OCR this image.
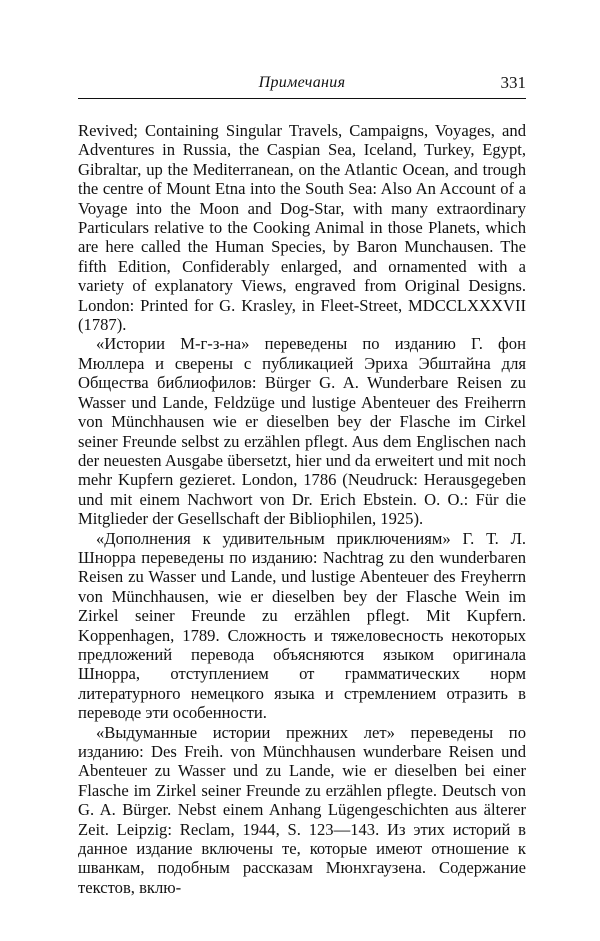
Примечания	331

Revived; Containing Singular Travels, Campaigns, Voyages, and Adventures in Russia, the Caspian Sea, Iceland, Turkey, Egypt, Gibraltar, up the Mediterranean, on the Atlantic Ocean, and trough the centre of Mount Etna into the South Sea: Also An Account of a Voyage into the Moon and Dog-Star, with many extraordinary Particulars relative to the Cooking Animal in those Planets, which are here called the Human Species, by Baron Munchausen. The fifth Edition, Confiderably enlarged, and ornamented with a variety of explanatory Views, engraved from Original Designs. London: Printed for G. Krasley, in Fleet-Street, MDCCLXXXVII (1787).

«Истории М-г-з-на» переведены по изданию Г. фон Мюллера и сверены с публикацией Эриха Эбштайна для Общества библиофилов: Bürger G. A. Wunderbare Reisen zu Wasser und Lande, Feldzüge und lustige Abenteuer des Freiherrn von Münchhausen wie er dieselben bey der Flasche im Cirkel seiner Freunde selbst zu erzählen pflegt. Aus dem Englischen nach der neuesten Ausgabe übersetzt, hier und da erweitert und mit noch mehr Kupfern gezieret. London, 1786 (Neudruck: Herausgegeben und mit einem Nachwort von Dr. Erich Ebstein. O. O.: Für die Mitglieder der Gesellschaft der Bibliophilen, 1925).

«Дополнения к удивительным приключениям» Г. Т. Л. Шнорра переведены по изданию: Nachtrag zu den wunderbaren Reisen zu Wasser und Lande, und lustige Abenteuer des Freyherrn von Münchhausen, wie er dieselben bey der Flasche Wein im Zirkel seiner Freunde zu erzählen pflegt. Mit Kupfern. Koppenhagen, 1789. Сложность и тяжеловесность некоторых предложений перевода объясняются языком оригинала Шнорра, отступлением от грамматических норм литературного немецкого языка и стремлением отразить в переводе эти особенности.

«Выдуманные истории прежних лет» переведены по изданию: Des Freih. von Münchhausen wunderbare Reisen und Abenteuer zu Wasser und zu Lande, wie er dieselben bei einer Flasche im Zirkel seiner Freunde zu erzählen pflegte. Deutsch von G. A. Bürger. Nebst einem Anhang Lügengeschichten aus älterer Zeit. Leipzig: Reclam, 1944, S. 123—143. Из этих историй в данное издание включены те, которые имеют отношение к шванкам, подобным рассказам Мюнхгаузена. Содержание текстов, вклю-
